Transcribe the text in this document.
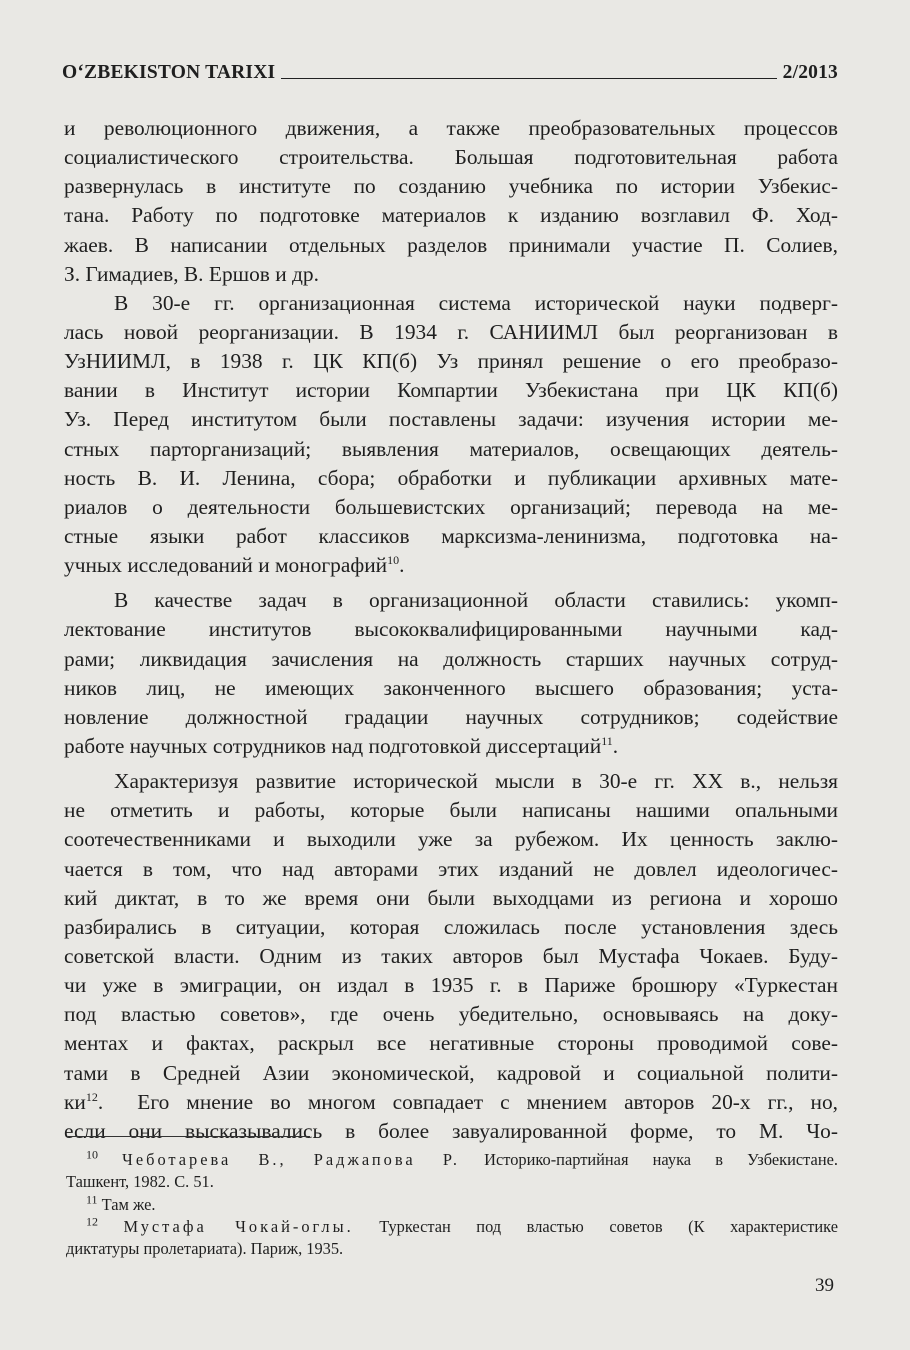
OʻZBEKISTON TARIXI	2/2013
и революционного движения, а также преобразовательных процессов
социалистического строительства. Большая подготовительная работа
развернулась в институте по созданию учебника по истории Узбекис-
тана. Работу по подготовке материалов к изданию возглавил Ф. Ход-
жаев. В написании отдельных разделов принимали участие П. Солиев,
З. Гимадиев, В. Ершов и др.
В 30-е гг. организационная система исторической науки подверг-
лась новой реорганизации. В 1934 г. САНИИМЛ был реорганизован в
УзНИИМЛ, в 1938 г. ЦК КП(б) Уз принял решение о его преобразо-
вании в Институт истории Компартии Узбекистана при ЦК КП(б)
Уз. Перед институтом были поставлены задачи: изучения истории ме-
стных парторганизаций; выявления материалов, освещающих деятель-
ность В. И. Ленина, сбора; обработки и публикации архивных мате-
риалов о деятельности большевистских организаций; перевода на ме-
стные языки работ классиков марксизма-ленинизма, подготовка на-
учных исследований и монографий$^{10}$.
В качестве задач в организационной области ставились: укомп-
лектование институтов высококвалифицированными научными кад-
рами; ликвидация зачисления на должность старших научных сотруд-
ников лиц, не имеющих законченного высшего образования; уста-
новление должностной градации научных сотрудников; содействие
работе научных сотрудников над подготовкой диссертаций$^{11}$.
Характеризуя развитие исторической мысли в 30-е гг. XX в., нельзя
не отметить и работы, которые были написаны нашими опальными
соотечественниками и выходили уже за рубежом. Их ценность заклю-
чается в том, что над авторами этих изданий не довлел идеологичес-
кий диктат, в то же время они были выходцами из региона и хорошо
разбирались в ситуации, которая сложилась после установления здесь
советской власти. Одним из таких авторов был Мустафа Чокаев. Буду-
чи уже в эмиграции, он издал в 1935 г. в Париже брошюру «Туркестан
под властью советов», где очень убедительно, основываясь на доку-
ментах и фактах, раскрыл все негативные стороны проводимой сове-
тами в Средней Азии экономической, кадровой и социальной полити-
$ки^{12}$. Его мнение во многом совпадает с мнением авторов 20-х гг., но,
если они высказывались в более завуалированной форме, то М. Чо-
$^{10}$ Чеботарева В., Раджапова Р. Историко-партийная наука в Узбекистане.
Ташкент, 1982. С. 51.
$^{11}$ Там же.
$^{12}$ Мустафа Чокай-оглы. Туркестан под властью советов (К характеристике
диктатуры пролетариата). Париж, 1935.
39
